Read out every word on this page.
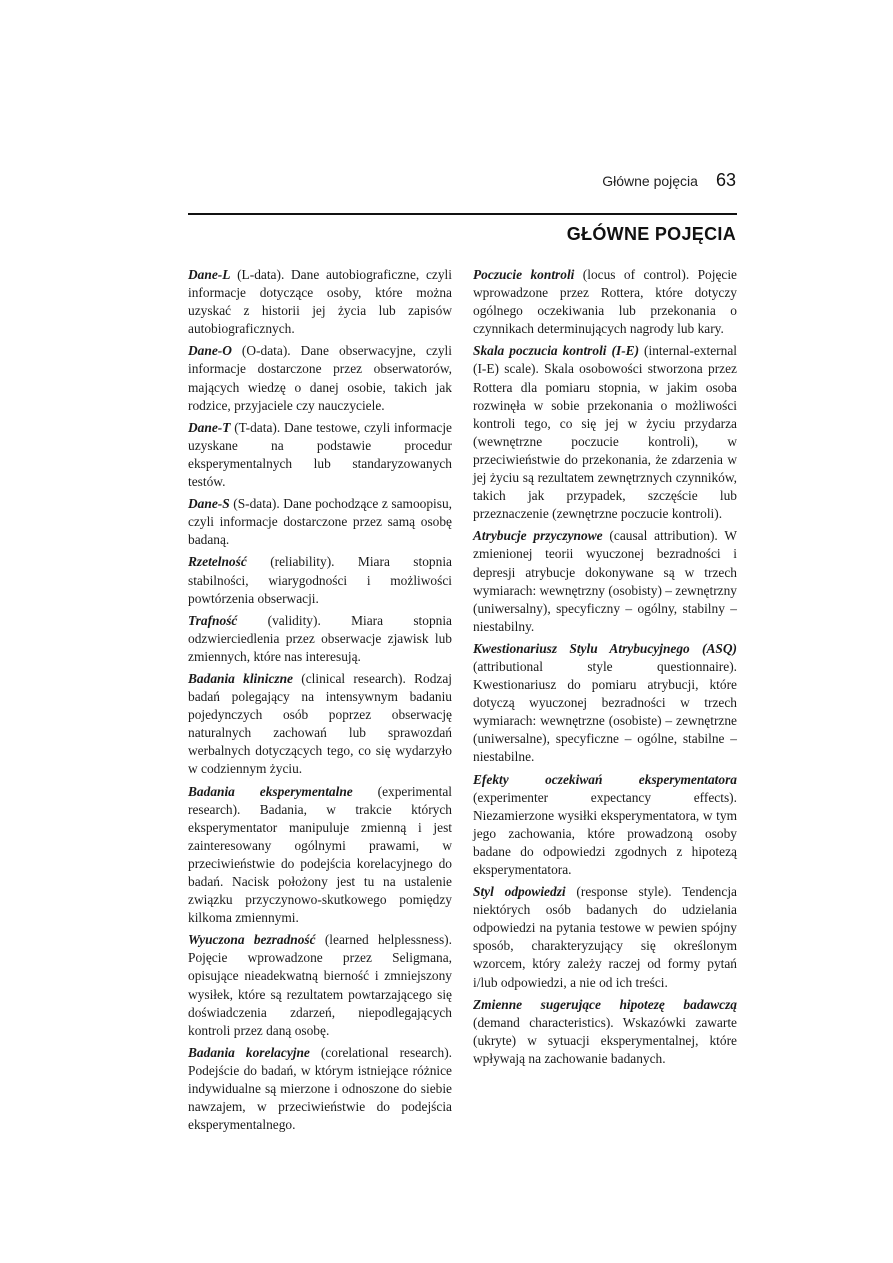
Główne pojęcia 63
GŁÓWNE POJĘCIA

Dane-L (L-data). Dane autobiograficzne, czyli informacje dotyczące osoby, które można uzyskać z historii jej życia lub zapisów autobiograficznych.

Dane-O (O-data). Dane obserwacyjne, czyli informacje dostarczone przez obserwatorów, mających wiedzę o danej osobie, takich jak rodzice, przyjaciele czy nauczyciele.

Dane-T (T-data). Dane testowe, czyli informacje uzyskane na podstawie procedur eksperymentalnych lub standaryzowanych testów.

Dane-S (S-data). Dane pochodzące z samoopisu, czyli informacje dostarczone przez samą osobę badaną.

Rzetelność (reliability). Miara stopnia stabilności, wiarygodności i możliwości powtórzenia obserwacji.

Trafność (validity). Miara stopnia odzwierciedlenia przez obserwacje zjawisk lub zmiennych, które nas interesują.

Badania kliniczne (clinical research). Rodzaj badań polegający na intensywnym badaniu pojedynczych osób poprzez obserwację naturalnych zachowań lub sprawozdań werbalnych dotyczących tego, co się wydarzyło w codziennym życiu.

Badania eksperymentalne (experimental research). Badania, w trakcie których eksperymentator manipuluje zmienną i jest zainteresowany ogólnymi prawami, w przeciwieństwie do podejścia korelacyjnego do badań. Nacisk położony jest tu na ustalenie związku przyczynowo-skutkowego pomiędzy kilkoma zmiennymi.

Wyuczona bezradność (learned helplessness). Pojęcie wprowadzone przez Seligmana, opisujące nieadekwatną bierność i zmniejszony wysiłek, które są rezultatem powtarzającego się doświadczenia zdarzeń, niepodlegających kontroli przez daną osobę.

Badania korelacyjne (corelational research). Podejście do badań, w którym istniejące różnice indywidualne są mierzone i odnoszone do siebie nawzajem, w przeciwieństwie do podejścia eksperymentalnego.

Poczucie kontroli (locus of control). Pojęcie wprowadzone przez Rottera, które dotyczy ogólnego oczekiwania lub przekonania o czynnikach determinujących nagrody lub kary.

Skala poczucia kontroli (I-E) (internal-external (I-E) scale). Skala osobowości stworzona przez Rottera dla pomiaru stopnia, w jakim osoba rozwinęła w sobie przekonania o możliwości kontroli tego, co się jej w życiu przydarza (wewnętrzne poczucie kontroli), w przeciwieństwie do przekonania, że zdarzenia w jej życiu są rezultatem zewnętrznych czynników, takich jak przypadek, szczęście lub przeznaczenie (zewnętrzne poczucie kontroli).

Atrybucje przyczynowe (causal attribution). W zmienionej teorii wyuczonej bezradności i depresji atrybucje dokonywane są w trzech wymiarach: wewnętrzny (osobisty) – zewnętrzny (uniwersalny), specyficzny – ogólny, stabilny – niestabilny.

Kwestionariusz Stylu Atrybucyjnego (ASQ) (attributional style questionnaire). Kwestionariusz do pomiaru atrybucji, które dotyczą wyuczonej bezradności w trzech wymiarach: wewnętrzne (osobiste) – zewnętrzne (uniwersalne), specyficzne – ogólne, stabilne – niestabilne.

Efekty oczekiwań eksperymentatora (experimenter expectancy effects). Niezamierzone wysiłki eksperymentatora, w tym jego zachowania, które prowadzoną osoby badane do odpowiedzi zgodnych z hipotezą eksperymentatora.

Styl odpowiedzi (response style). Tendencja niektórych osób badanych do udzielania odpowiedzi na pytania testowe w pewien spójny sposób, charakteryzujący się określonym wzorcem, który zależy raczej od formy pytań i/lub odpowiedzi, a nie od ich treści.

Zmienne sugerujące hipotezę badawczą (demand characteristics). Wskazówki zawarte (ukryte) w sytuacji eksperymentalnej, które wpływają na zachowanie badanych.
